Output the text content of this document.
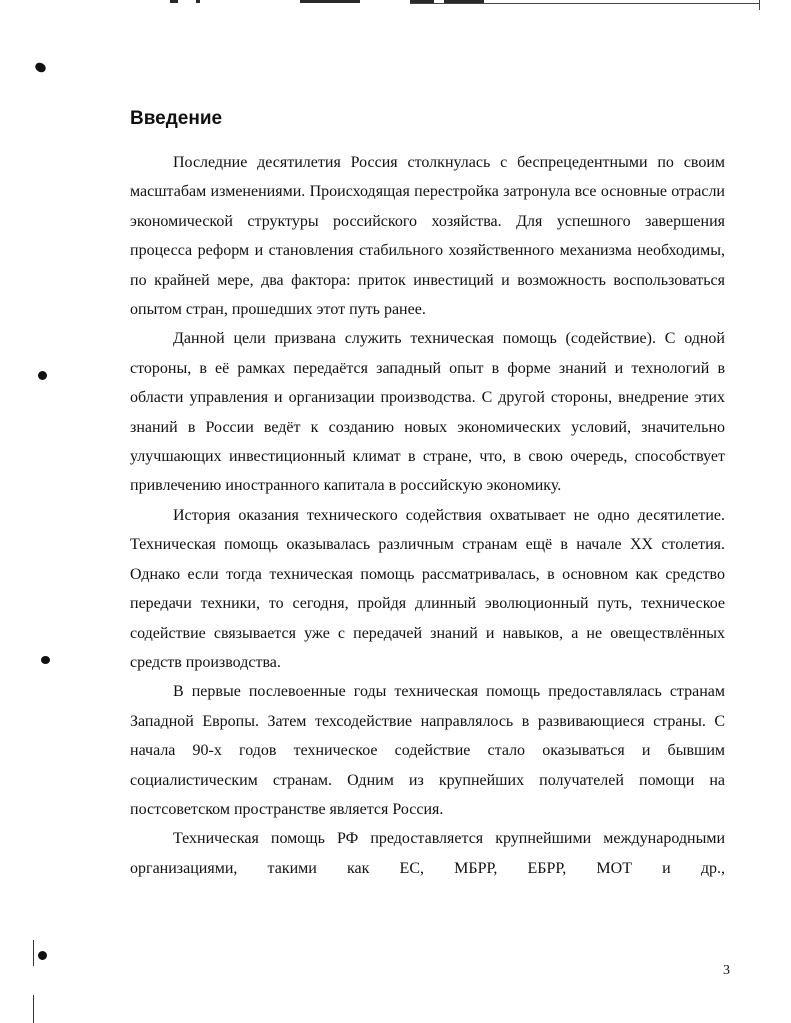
Введение

Последние десятилетия Россия столкнулась с беспрецедентными по своим масштабам изменениями. Происходящая перестройка затронула все основные отрасли экономической структуры российского хозяйства. Для успешного завершения процесса реформ и становления стабильного хозяйственного механизма необходимы, по крайней мере, два фактора: приток инвестиций и возможность воспользоваться опытом стран, прошедших этот путь ранее.

Данной цели призвана служить техническая помощь (содействие). С одной стороны, в её рамках передаётся западный опыт в форме знаний и технологий в области управления и организации производства. С другой стороны, внедрение этих знаний в России ведёт к созданию новых экономических условий, значительно улучшающих инвестиционный климат в стране, что, в свою очередь, способствует привлечению иностранного капитала в российскую экономику.

История оказания технического содействия охватывает не одно десятилетие. Техническая помощь оказывалась различным странам ещё в начале XX столетия. Однако если тогда техническая помощь рассматривалась, в основном как средство передачи техники, то сегодня, пройдя длинный эволюционный путь, техническое содействие связывается уже с передачей знаний и навыков, а не овеществлённых средств производства.

В первые послевоенные годы техническая помощь предоставлялась странам Западной Европы. Затем техсодействие направлялось в развивающиеся страны. С начала 90-х годов техническое содействие стало оказываться и бывшим социалистическим странам. Одним из крупнейших получателей помощи на постсоветском пространстве является Россия.

Техническая помощь РФ предоставляется крупнейшими международными организациями, такими как ЕС, МБРР, ЕБРР, МОТ и др.,

3
